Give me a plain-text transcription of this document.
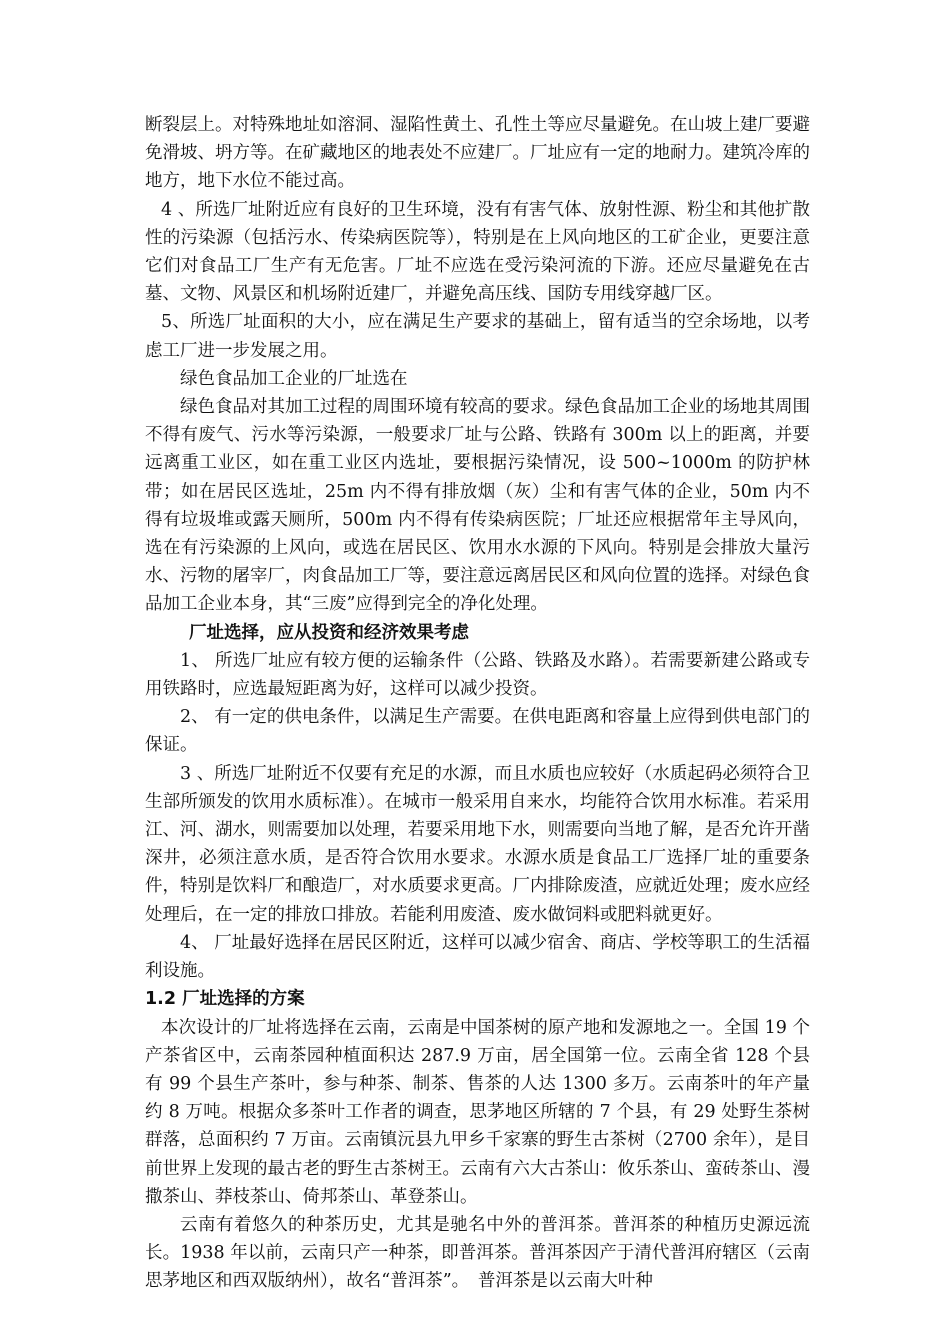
断裂层上。对特殊地址如溶洞、湿陷性黄土、孔性土等应尽量避免。在山坡上建厂要避免滑坡、坍方等。在矿藏地区的地表处不应建厂。厂址应有一定的地耐力。建筑冷库的地方，地下水位不能过高。

4 、所选厂址附近应有良好的卫生环境，没有有害气体、放射性源、粉尘和其他扩散性的污染源（包括污水、传染病医院等），特别是在上风向地区的工矿企业，更要注意它们对食品工厂生产有无危害。厂址不应选在受污染河流的下游。还应尽量避免在古墓、文物、风景区和机场附近建厂，并避免高压线、国防专用线穿越厂区。

5、所选厂址面积的大小，应在满足生产要求的基础上，留有适当的空余场地，以考虑工厂进一步发展之用。

绿色食品加工企业的厂址选在

绿色食品对其加工过程的周围环境有较高的要求。绿色食品加工企业的场地其周围不得有废气、污水等污染源，一般要求厂址与公路、铁路有 300m 以上的距离，并要远离重工业区，如在重工业区内选址，要根据污染情况，设 500~1000m 的防护林带；如在居民区选址，25m 内不得有排放烟（灰）尘和有害气体的企业，50m 内不得有垃圾堆或露天厕所，500m 内不得有传染病医院；厂址还应根据常年主导风向，选在有污染源的上风向，或选在居民区、饮用水水源的下风向。特别是会排放大量污水、污物的屠宰厂，肉食品加工厂等，要注意远离居民区和风向位置的选择。对绿色食品加工企业本身，其“三废”应得到完全的净化处理。

厂址选择，应从投资和经济效果考虑

1、 所选厂址应有较方便的运输条件（公路、铁路及水路）。若需要新建公路或专用铁路时，应选最短距离为好，这样可以减少投资。

2、 有一定的供电条件，以满足生产需要。在供电距离和容量上应得到供电部门的保证。

3 、所选厂址附近不仅要有充足的水源，而且水质也应较好（水质起码必须符合卫生部所颁发的饮用水质标准）。在城市一般采用自来水，均能符合饮用水标准。若采用江、河、湖水，则需要加以处理，若要采用地下水，则需要向当地了解，是否允许开凿深井，必须注意水质，是否符合饮用水要求。水源水质是食品工厂选择厂址的重要条件，特别是饮料厂和酿造厂，对水质要求更高。厂内排除废渣，应就近处理；废水应经处理后，在一定的排放口排放。若能利用废渣、废水做饲料或肥料就更好。

4、 厂址最好选择在居民区附近，这样可以减少宿舍、商店、学校等职工的生活福利设施。

1.2 厂址选择的方案

本次设计的厂址将选择在云南，云南是中国茶树的原产地和发源地之一。全国 19 个产茶省区中，云南茶园种植面积达 287.9 万亩，居全国第一位。云南全省 128 个县有 99 个县生产茶叶，参与种茶、制茶、售茶的人达 1300 多万。云南茶叶的年产量约 8 万吨。根据众多茶叶工作者的调查，思茅地区所辖的 7 个县，有 29 处野生茶树群落，总面积约 7 万亩。云南镇沅县九甲乡千家寨的野生古茶树（2700 余年），是目前世界上发现的最古老的野生古茶树王。云南有六大古茶山：攸乐茶山、蛮砖茶山、漫撒茶山、莽枝茶山、倚邦茶山、革登茶山。

云南有着悠久的种茶历史，尤其是驰名中外的普洱茶。普洱茶的种植历史源远流长。1938 年以前，云南只产一种茶，即普洱茶。普洱茶因产于清代普洱府辖区（云南思茅地区和西双版纳州），故名“普洱茶”。　普洱茶是以云南大叶种
